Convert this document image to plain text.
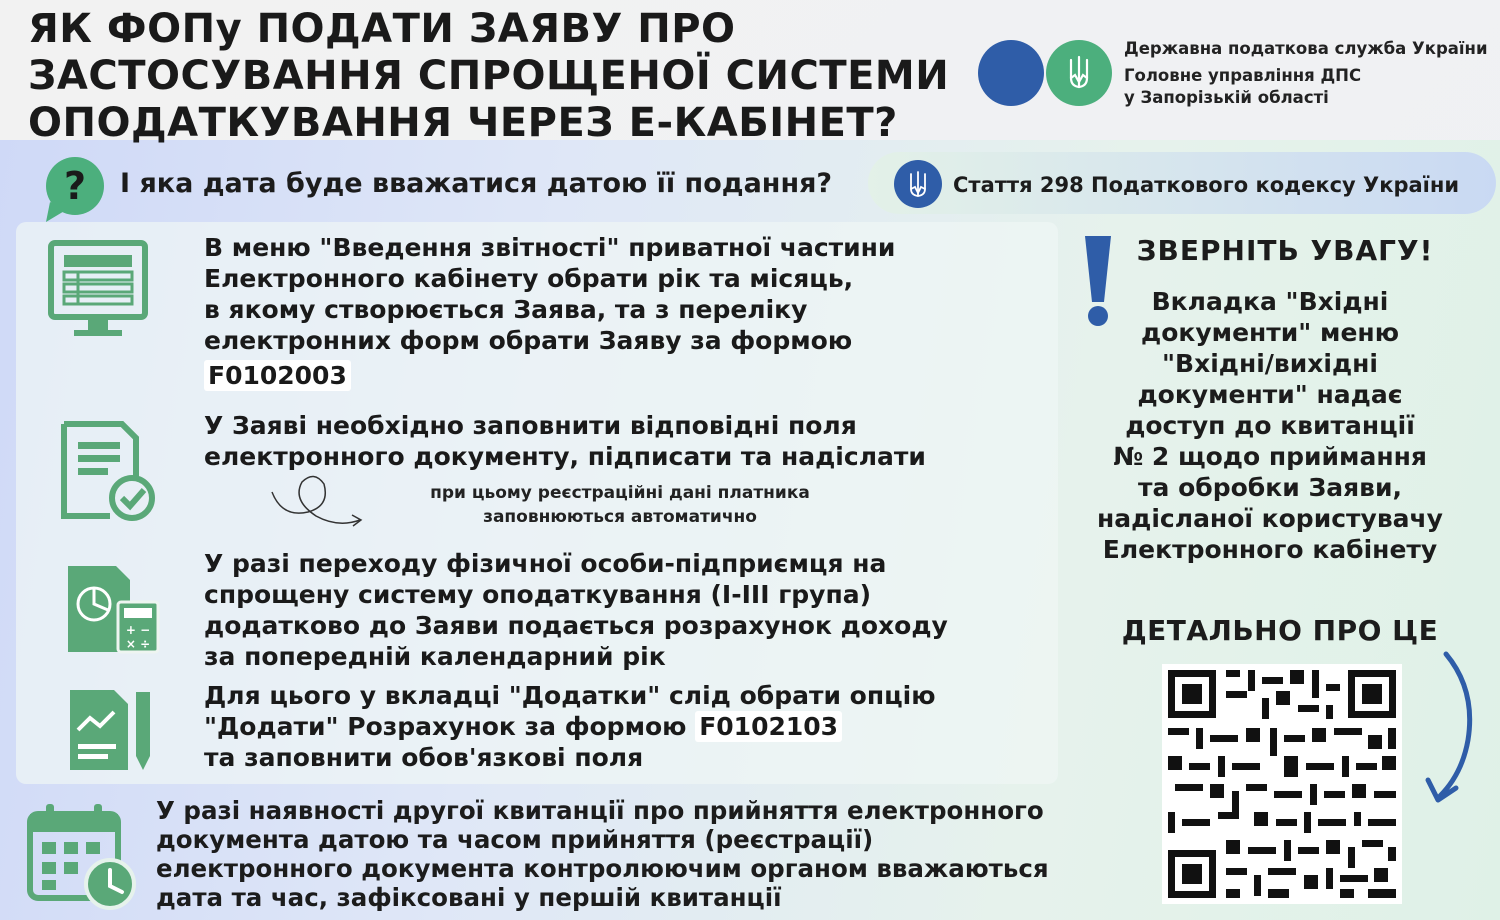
ЯК ФОПу ПОДАТИ ЗАЯВУ ПРО
ЗАСТОСУВАННЯ СПРОЩЕНОЇ СИСТЕМИ
ОПОДАТКУВАННЯ ЧЕРЕЗ Е-КАБІНЕТ?
Державна податкова служба України
Головне управління ДПС
у Запорізькій області
? І яка дата буде вважатися датою її подання?	Стаття 298 Податкового кодексу України
В меню "Введення звітності" приватної частини
Електронного кабінету обрати рік та місяць,
в якому створюється Заява, та з переліку
електронних форм обрати Заяву за формою
F0102003
У Заяві необхідно заповнити відповідні поля
електронного документу, підписати та надіслати
при цьому реєстраційні дані платника
заповнюються автоматично
+ −
× ÷
У разі переходу фізичної особи-підприємця на
спрощену систему оподаткування (I-III група)
додатково до Заяви подається розрахунок доходу
за попередній календарний рік
Для цього у вкладці "Додатки" слід обрати опцію
"Додати" Розрахунок за формою F0102103
та заповнити обов'язкові поля
ЗВЕРНІТЬ УВАГУ!
Вкладка "Вхідні
документи" меню
"Вхідні/вихідні
документи" надає
доступ до квитанції
№ 2 щодо приймання
та обробки Заяви,
надісланої користувачу
Електронного кабінету
ДЕТАЛЬНО ПРО ЦЕ
У разі наявності другої квитанції про прийняття електронного
документа датою та часом прийняття (реєстрації)
електронного документа контролюючим органом вважаються
дата та час, зафіксовані у першій квитанції
